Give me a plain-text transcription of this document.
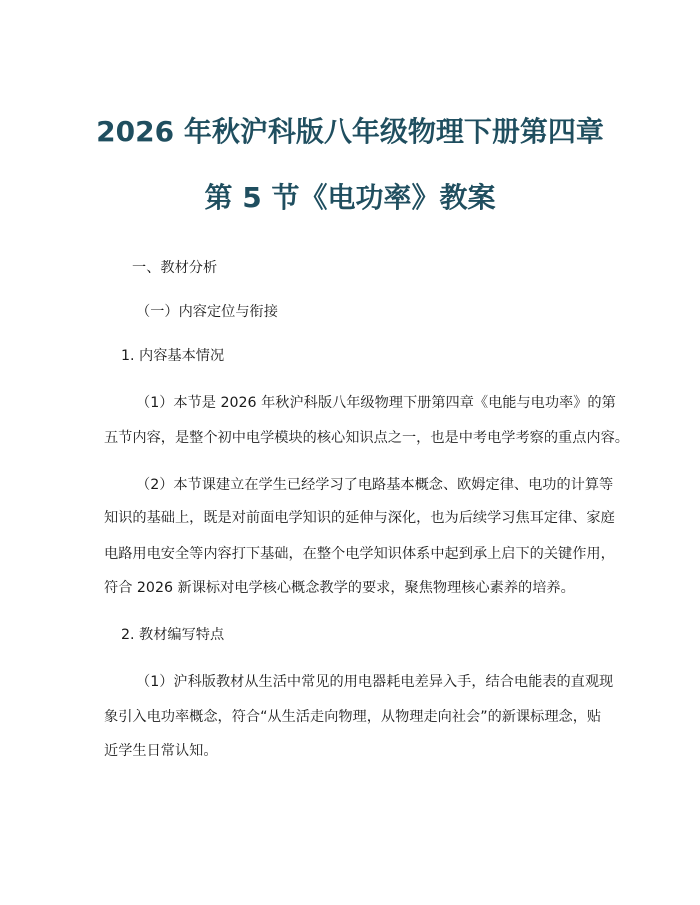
2026 年秋沪科版八年级物理下册第四章
第 5 节《电功率》教案
一、教材分析
（一）内容定位与衔接
1. 内容基本情况
（1）本节是 2026 年秋沪科版八年级物理下册第四章《电能与电功率》的第
五节内容，是整个初中电学模块的核心知识点之一，也是中考电学考察的重点内容。
（2）本节课建立在学生已经学习了电路基本概念、欧姆定律、电功的计算等
知识的基础上，既是对前面电学知识的延伸与深化，也为后续学习焦耳定律、家庭
电路用电安全等内容打下基础，在整个电学知识体系中起到承上启下的关键作用，
符合 2026 新课标对电学核心概念教学的要求，聚焦物理核心素养的培养。
2. 教材编写特点
（1）沪科版教材从生活中常见的用电器耗电差异入手，结合电能表的直观现
象引入电功率概念，符合“从生活走向物理，从物理走向社会”的新课标理念，贴
近学生日常认知。
